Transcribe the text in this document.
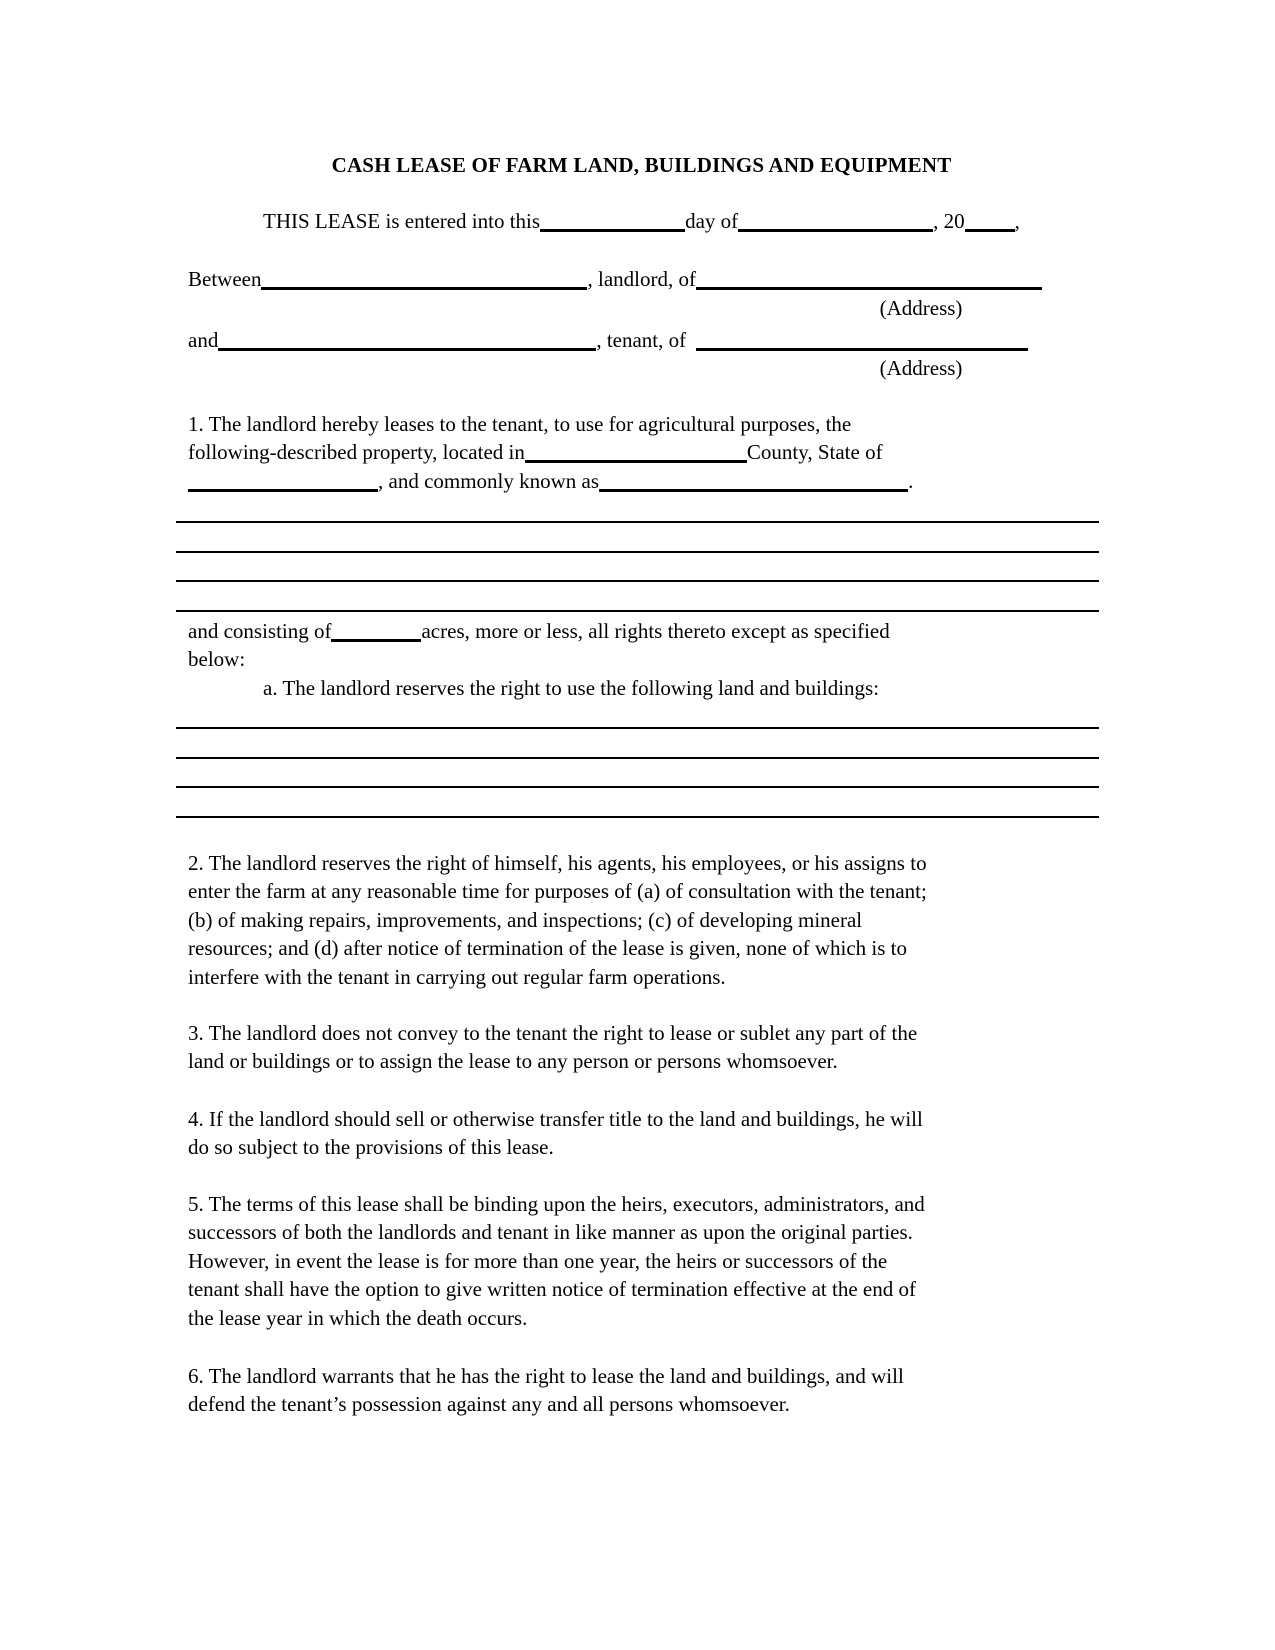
CASH LEASE OF FARM LAND, BUILDINGS AND EQUIPMENT
THIS LEASE is entered into this	day of	, 20 ,
Between	, landlord, of
(Address)
and	, tenant, of
(Address)
1. The landlord hereby leases to the tenant, to use for agricultural purposes, the
following-described property, located in	County, State of
, and commonly known as	.
and consisting of	acres, more or less, all rights thereto except as specified
below:
a. The landlord reserves the right to use the following land and buildings:
2. The landlord reserves the right of himself, his agents, his employees, or his assigns to
enter the farm at any reasonable time for purposes of (a) of consultation with the tenant;
(b) of making repairs, improvements, and inspections; (c) of developing mineral
resources; and (d) after notice of termination of the lease is given, none of which is to
interfere with the tenant in carrying out regular farm operations.
3. The landlord does not convey to the tenant the right to lease or sublet any part of the
land or buildings or to assign the lease to any person or persons whomsoever.
4. If the landlord should sell or otherwise transfer title to the land and buildings, he will
do so subject to the provisions of this lease.
5. The terms of this lease shall be binding upon the heirs, executors, administrators, and
successors of both the landlords and tenant in like manner as upon the original parties.
However, in event the lease is for more than one year, the heirs or successors of the
tenant shall have the option to give written notice of termination effective at the end of
the lease year in which the death occurs.
6. The landlord warrants that he has the right to lease the land and buildings, and will
defend the tenant’s possession against any and all persons whomsoever.
